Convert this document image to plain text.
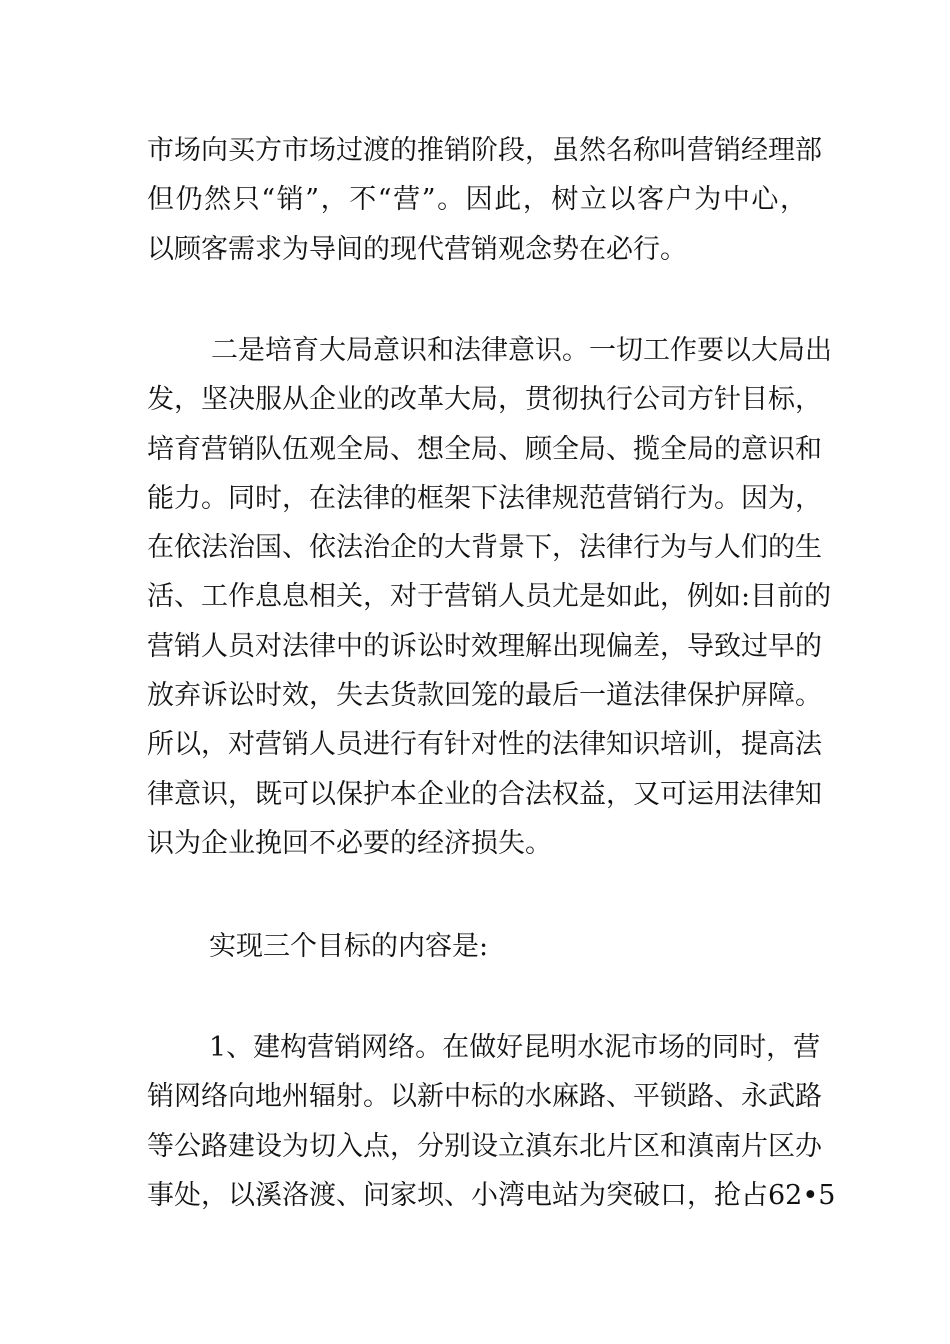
市场向买方市场过渡的推销阶段，虽然名称叫营销经理部
但仍然只“销”，不“营”。因此，树立以客户为中心，
以顾客需求为导间的现代营销观念势在必行。

二是培育大局意识和法律意识。一切工作要以大局出
发，坚决服从企业的改革大局，贯彻执行公司方针目标，
培育营销队伍观全局、想全局、顾全局、揽全局的意识和
能力。同时，在法律的框架下法律规范营销行为。因为，
在依法治国、依法治企的大背景下，法律行为与人们的生
活、工作息息相关，对于营销人员尤是如此，例如:目前的
营销人员对法律中的诉讼时效理解出现偏差，导致过早的
放弃诉讼时效，失去货款回笼的最后一道法律保护屏障。
所以，对营销人员进行有针对性的法律知识培训，提高法
律意识，既可以保护本企业的合法权益，又可运用法律知
识为企业挽回不必要的经济损失。

实现三个目标的内容是:

1、建构营销网络。在做好昆明水泥市场的同时，营
销网络向地州辐射。以新中标的水麻路、平锁路、永武路
等公路建设为切入点，分别设立滇东北片区和滇南片区办
事处，以溪洛渡、问家坝、小湾电站为突破口，抢占62•5
